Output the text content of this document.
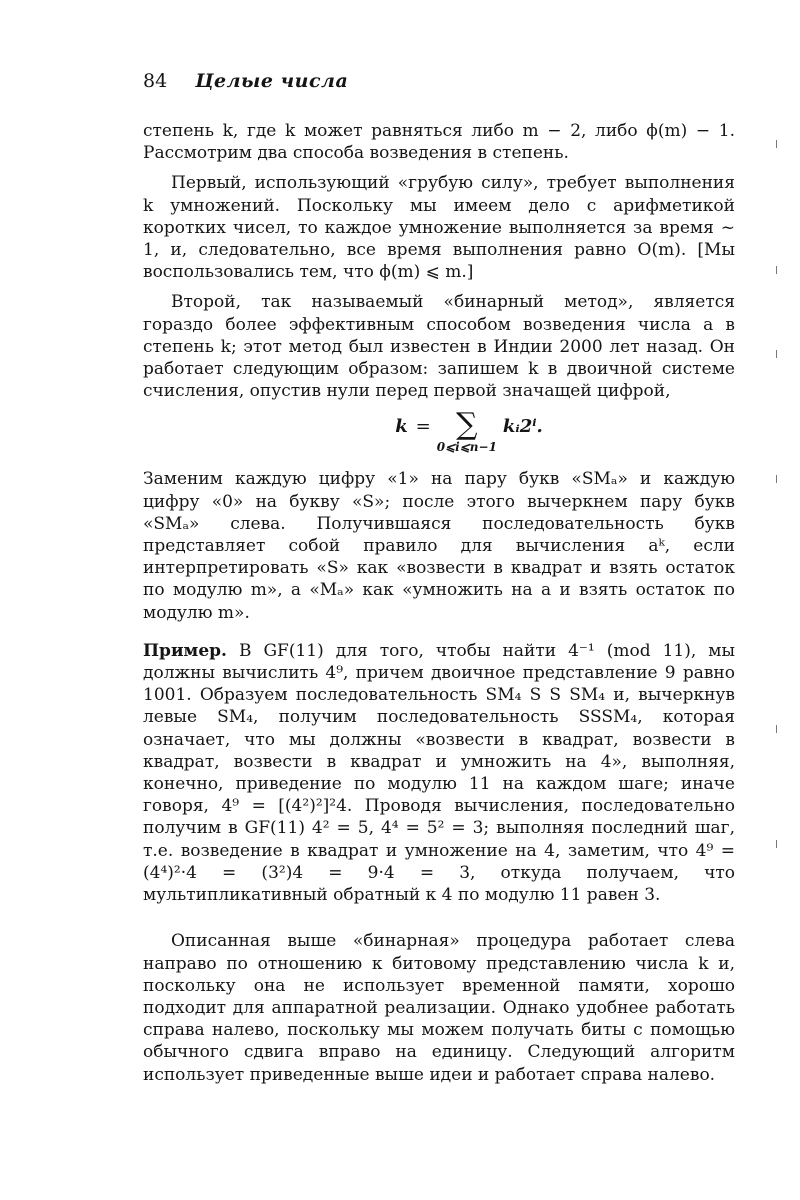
84 Целые числа

степень k, где k может равняться либо m − 2, либо ϕ(m) − 1. Рассмотрим два способа возведения в степень.

Первый, использующий «грубую силу», требует выполнения k умножений. Поскольку мы имеем дело с арифметикой коротких чисел, то каждое умножение выполняется за время ~ 1, и, следовательно, все время выполнения равно O(m). [Мы воспользовались тем, что ϕ(m) ⩽ m.]

Второй, так называемый «бинарный метод», является гораздо более эффективным способом возведения числа a в степень k; этот метод был известен в Индии 2000 лет назад. Он работает следующим образом: запишем k в двоичной системе счисления, опустив нули перед первой значащей цифрой,

k = ∑
0⩽i⩽n−1
kᵢ2ⁱ.

Заменим каждую цифру «1» на пару букв «SMₐ» и каждую цифру «0» на букву «S»; после этого вычеркнем пару букв «SMₐ» слева. Получившаяся последовательность букв представляет собой правило для вычисления aᵏ, если интерпретировать «S» как «возвести в квадрат и взять остаток по модулю m», а «Mₐ» как «умножить на a и взять остаток по модулю m».

Пример. В GF(11) для того, чтобы найти 4⁻¹ (mod 11), мы должны вычислить 4⁹, причем двоичное представление 9 равно 1001. Образуем последовательность SM₄ S S SM₄ и, вычеркнув левые SM₄, получим последовательность SSSM₄, которая означает, что мы должны «возвести в квадрат, возвести в квадрат, возвести в квадрат и умножить на 4», выполняя, конечно, приведение по модулю 11 на каждом шаге; иначе говоря, 4⁹ = [(4²)²]²4. Проводя вычисления, последовательно получим в GF(11) 4² = 5, 4⁴ = 5² = 3; выполняя последний шаг, т.е. возведение в квадрат и умножение на 4, заметим, что 4⁹ = (4⁴)²·4 = (3²)4 = 9·4 = 3, откуда получаем, что мультипликативный обратный к 4 по модулю 11 равен 3.

Описанная выше «бинарная» процедура работает слева направо по отношению к битовому представлению числа k и, поскольку она не использует временной памяти, хорошо подходит для аппаратной реализации. Однако удобнее работать справа налево, поскольку мы можем получать биты с помощью обычного сдвига вправо на единицу. Следующий алгоритм использует приведенные выше идеи и работает справа налево.
